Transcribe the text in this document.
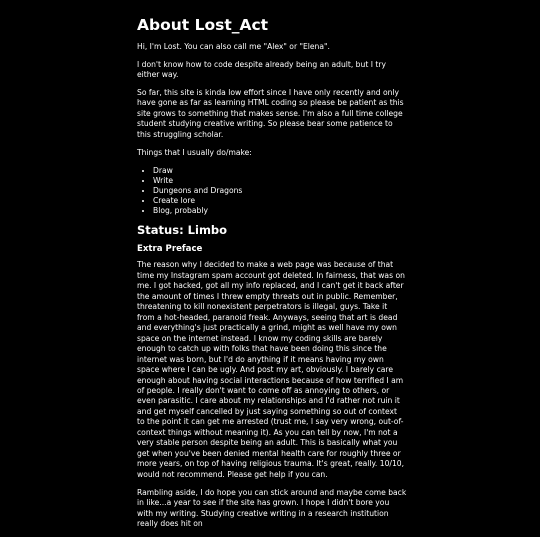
About Lost_Act

Hi, I'm Lost. You can also call me "Alex" or "Elena".

I don't know how to code despite already being an adult, but I try either way.

So far, this site is kinda low effort since I have only recently and only have gone as far as learning HTML coding so please be patient as this site grows to something that makes sense. I'm also a full time college student studying creative writing. So please bear some patience to this struggling scholar.

Things that I usually do/make:

• Draw
• Write
• Dungeons and Dragons
• Create lore
• Blog, probably
Status: Limbo
Extra Preface

The reason why I decided to make a web page was because of that time my Instagram spam account got deleted. In fairness, that was on me. I got hacked, got all my info replaced, and I can't get it back after the amount of times I threw empty threats out in public. Remember, threatening to kill nonexistent perpetrators is illegal, guys. Take it from a hot-headed, paranoid freak. Anyways, seeing that art is dead and everything's just practically a grind, might as well have my own space on the internet instead. I know my coding skills are barely enough to catch up with folks that have been doing this since the internet was born, but I'd do anything if it means having my own space where I can be ugly. And post my art, obviously. I barely care enough about having social interactions because of how terrified I am of people. I really don't want to come off as annoying to others, or even parasitic. I care about my relationships and I'd rather not ruin it and get myself cancelled by just saying something so out of context to the point it can get me arrested (trust me, I say very wrong, out-of-context things without meaning it). As you can tell by now, I'm not a very stable person despite being an adult. This is basically what you get when you've been denied mental health care for roughly three or more years, on top of having religious trauma. It's great, really. 10/10, would not recommend. Please get help if you can.

Rambling aside, I do hope you can stick around and maybe come back in like...a year to see if the site has grown. I hope I didn't bore you with my writing. Studying creative writing in a research institution really does hit on
